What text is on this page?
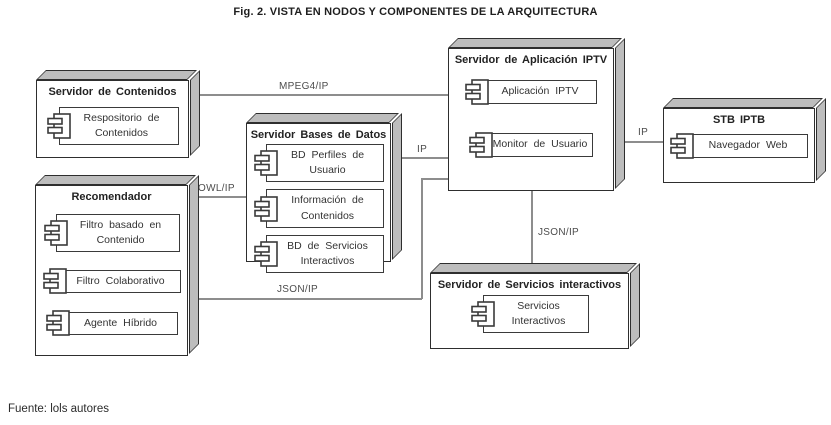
Fig. 2. VISTA EN NODOS Y COMPONENTES DE LA ARQUITECTURA
MPEG4/IP
OWL/IP
IP
JSON/IP
JSON/IP
IP
Servidor de Contenidos
Respositorio de Contenidos
Recomendador
Filtro basado en Contenido
Filtro Colaborativo
Agente Híbrido
Servidor Bases de Datos
BD Perfiles de Usuario
Información de Contenidos
BD de Servicios Interactivos
Servidor de Aplicación IPTV
Aplicación IPTV
Monitor de Usuario
STB IPTB
Navegador Web
Servidor de Servicios interactivos
Servicios Interactivos
Fuente: lols autores
